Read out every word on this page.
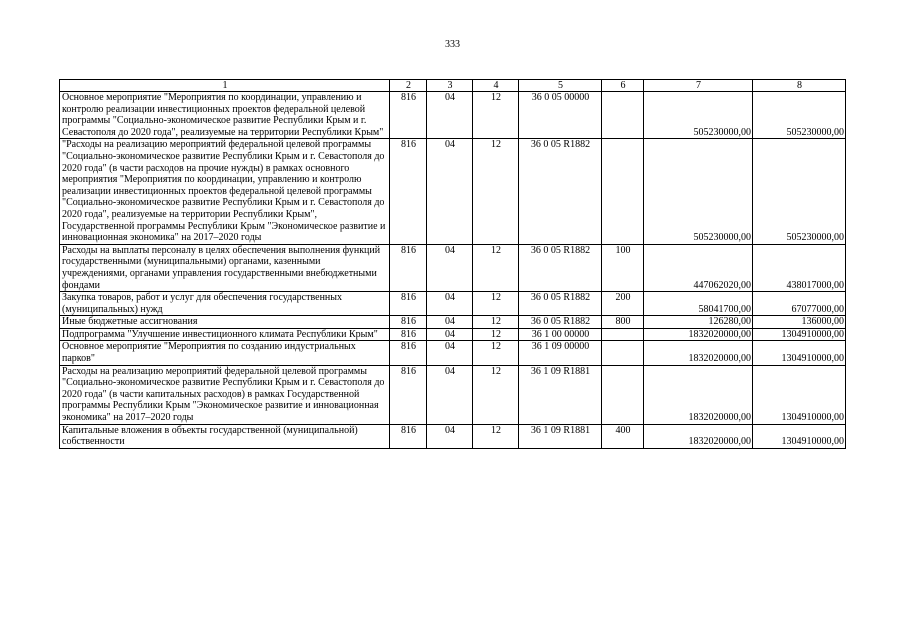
333
1	2	3	4	5	6	7	8
Основное мероприятие "Мероприятия по координации, управлению и контролю реализации инвестиционных проектов федеральной целевой программы "Социально-экономическое развитие Республики Крым и г. Севастополя до 2020 года", реализуемые на территории Республики Крым"	816	04	12	36 0 05 00000		505230000,00	505230000,00
"Расходы на реализацию мероприятий федеральной целевой программы "Социально-экономическое развитие Республики Крым и г. Севастополя до 2020 года" (в части расходов на прочие нужды) в рамках основного мероприятия "Мероприятия по координации, управлению и контролю реализации инвестиционных проектов федеральной целевой программы "Социально-экономическое развитие Республики Крым и г. Севастополя до 2020 года", реализуемые на территории Республики Крым", Государственной программы Республики Крым "Экономическое развитие и инновационная экономика" на 2017–2020 годы	816	04	12	36 0 05 R1882		505230000,00	505230000,00
Расходы на выплаты персоналу в целях обеспечения выполнения функций государственными (муниципальными) органами, казенными учреждениями, органами управления государственными внебюджетными фондами	816	04	12	36 0 05 R1882	100	447062020,00	438017000,00
Закупка товаров, работ и услуг для обеспечения государственных (муниципальных) нужд	816	04	12	36 0 05 R1882	200	58041700,00	67077000,00
Иные бюджетные ассигнования	816	04	12	36 0 05 R1882	800	126280,00	136000,00
Подпрограмма "Улучшение инвестиционного климата Республики Крым"	816	04	12	36 1 00 00000		1832020000,00	1304910000,00
Основное мероприятие "Мероприятия по созданию индустриальных парков"	816	04	12	36 1 09 00000		1832020000,00	1304910000,00
Расходы на реализацию мероприятий федеральной целевой программы "Социально-экономическое развитие Республики Крым и г. Севастополя до 2020 года" (в части капитальных расходов) в рамках Государственной программы Республики Крым "Экономическое развитие и инновационная экономика" на 2017–2020 годы	816	04	12	36 1 09 R1881		1832020000,00	1304910000,00
Капитальные вложения в объекты государственной (муниципальной) собственности	816	04	12	36 1 09 R1881	400	1832020000,00	1304910000,00
